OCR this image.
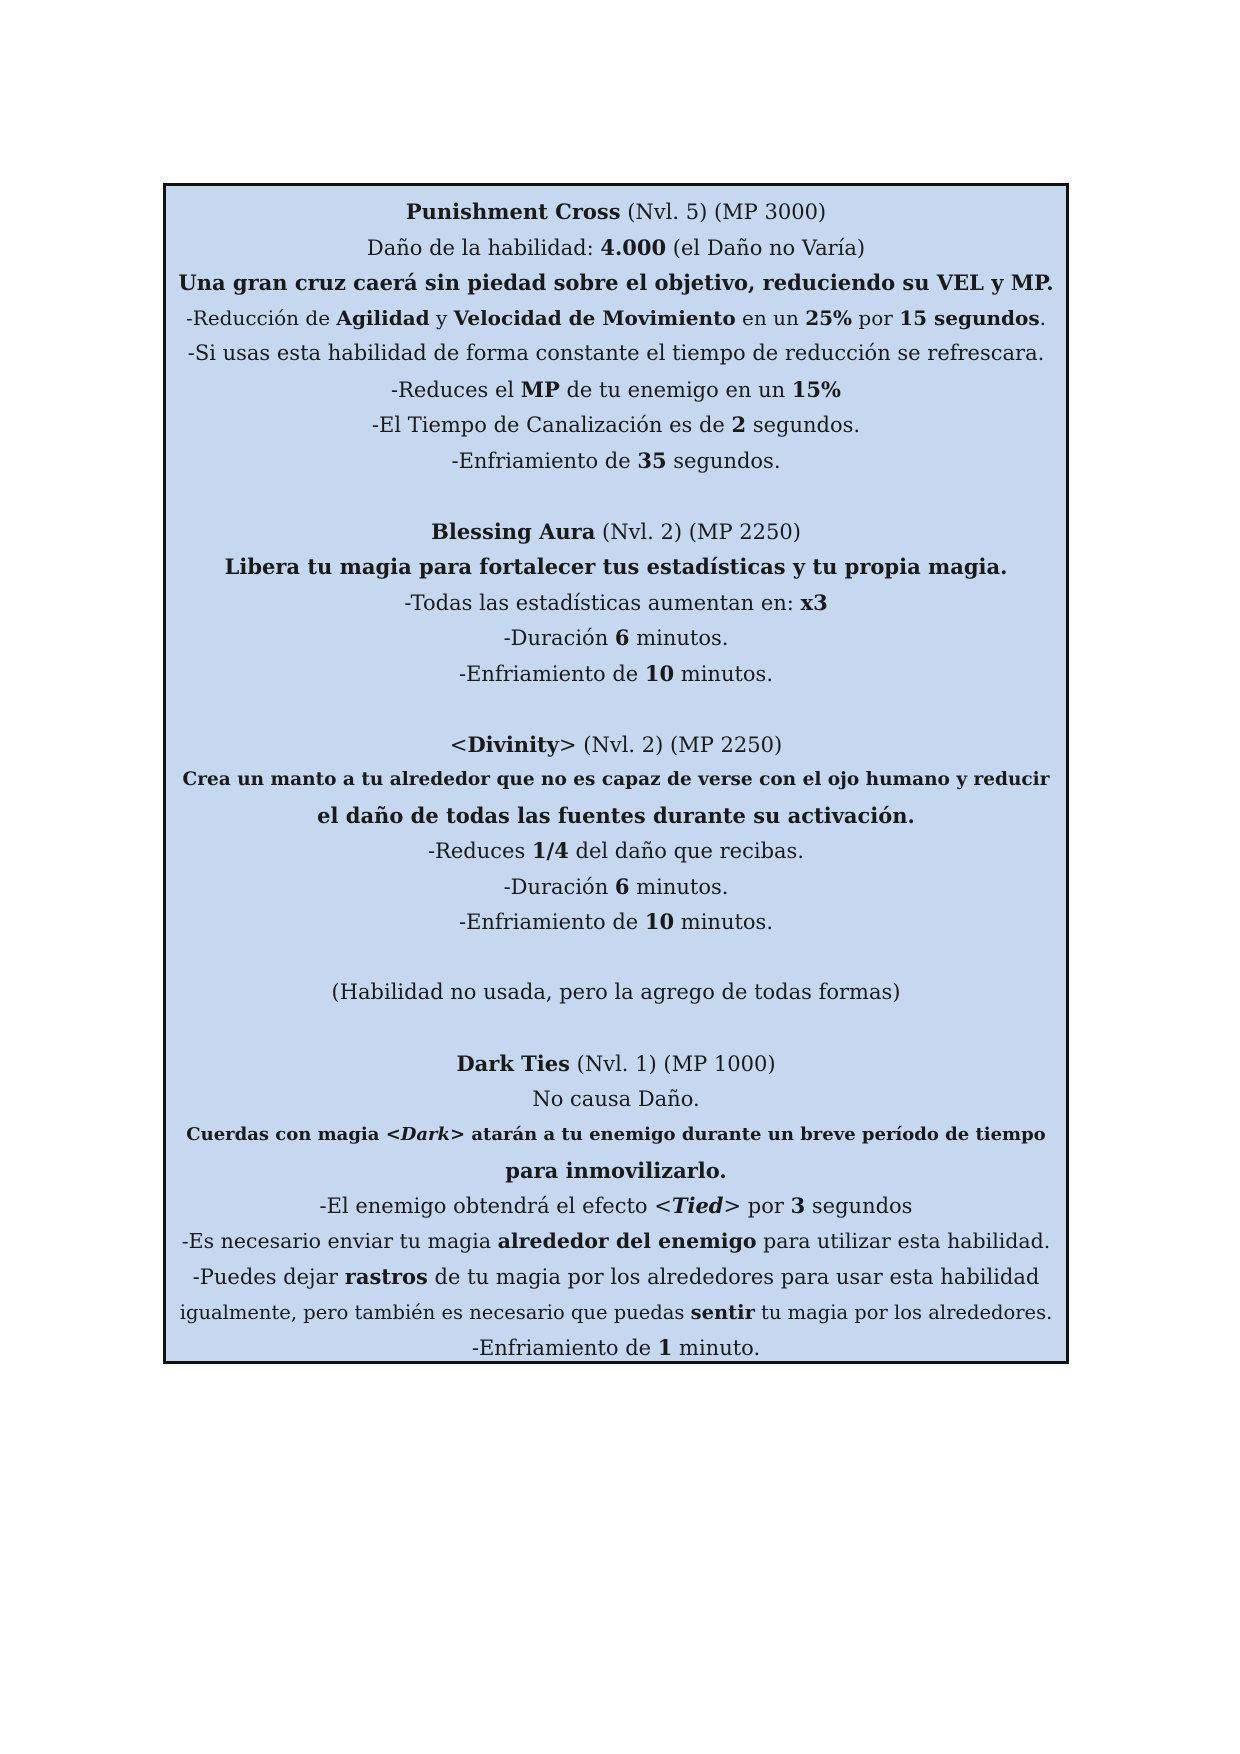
Punishment Cross (Nvl. 5) (MP 3000)
Daño de la habilidad: 4.000 (el Daño no Varía)
Una gran cruz caerá sin piedad sobre el objetivo, reduciendo su VEL y MP.
-Reducción de Agilidad y Velocidad de Movimiento en un 25% por 15 segundos.
-Si usas esta habilidad de forma constante el tiempo de reducción se refrescara.
-Reduces el MP de tu enemigo en un 15%
-El Tiempo de Canalización es de 2 segundos.
-Enfriamiento de 35 segundos.
Blessing Aura (Nvl. 2) (MP 2250)
Libera tu magia para fortalecer tus estadísticas y tu propia magia.
-Todas las estadísticas aumentan en: x3
-Duración 6 minutos.
-Enfriamiento de 10 minutos.
<Divinity> (Nvl. 2) (MP 2250)
Crea un manto a tu alrededor que no es capaz de verse con el ojo humano y reducir
el daño de todas las fuentes durante su activación.
-Reduces 1/4 del daño que recibas.
-Duración 6 minutos.
-Enfriamiento de 10 minutos.
(Habilidad no usada, pero la agrego de todas formas)
Dark Ties (Nvl. 1) (MP 1000)
No causa Daño.
Cuerdas con magia <Dark> atarán a tu enemigo durante un breve período de tiempo
para inmovilizarlo.
-El enemigo obtendrá el efecto <Tied> por 3 segundos
-Es necesario enviar tu magia alrededor del enemigo para utilizar esta habilidad.
-Puedes dejar rastros de tu magia por los alrededores para usar esta habilidad
igualmente, pero también es necesario que puedas sentir tu magia por los alrededores.
-Enfriamiento de 1 minuto.
